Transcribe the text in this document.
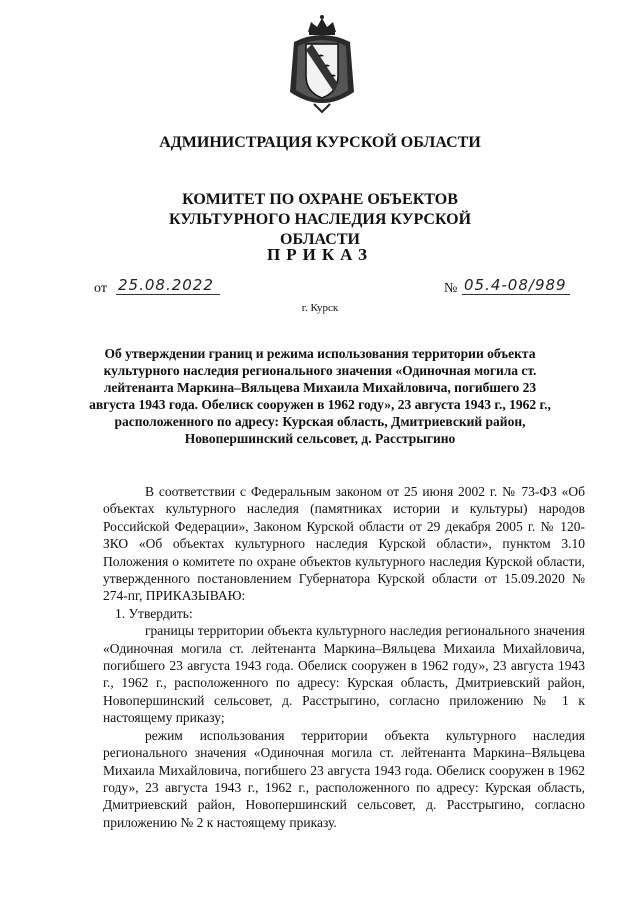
АДМИНИСТРАЦИЯ КУРСКОЙ ОБЛАСТИ
КОМИТЕТ ПО ОХРАНЕ ОБЪЕКТОВ КУЛЬТУРНОГО НАСЛЕДИЯ КУРСКОЙ ОБЛАСТИ
ПРИКАЗ
от 25.08.2022	№ 05.4-08/989
г. Курск
Об утверждении границ и режима использования территории объекта культурного наследия регионального значения «Одиночная могила ст. лейтенанта Маркина–Вяльцева Михаила Михайловича, погибшего 23 августа 1943 года. Обелиск сооружен в 1962 году», 23 августа 1943 г., 1962 г., расположенного по адресу: Курская область, Дмитриевский район, Новопершинский сельсовет, д. Расстрыгино

В соответствии с Федеральным законом от 25 июня 2002 г. № 73-ФЗ «Об объектах культурного наследия (памятниках истории и культуры) народов Российской Федерации», Законом Курской области от 29 декабря 2005 г. № 120-ЗКО «Об объектах культурного наследия Курской области», пунктом 3.10 Положения о комитете по охране объектов культурного наследия Курской области, утвержденного постановлением Губернатора Курской области от 15.09.2020 № 274-пг, ПРИКАЗЫВАЮ:

1. Утвердить:

границы территории объекта культурного наследия регионального значения «Одиночная могила ст. лейтенанта Маркина–Вяльцева Михаила Михайловича, погибшего 23 августа 1943 года. Обелиск сооружен в 1962 году», 23 августа 1943 г., 1962 г., расположенного по адресу: Курская область, Дмитриевский район, Новопершинский сельсовет, д. Расстрыгино, согласно приложению № 1 к настоящему приказу;

режим использования территории объекта культурного наследия регионального значения «Одиночная могила ст. лейтенанта Маркина–Вяльцева Михаила Михайловича, погибшего 23 августа 1943 года. Обелиск сооружен в 1962 году», 23 августа 1943 г., 1962 г., расположенного по адресу: Курская область, Дмитриевский район, Новопершинский сельсовет, д. Расстрыгино, согласно приложению № 2 к настоящему приказу.
